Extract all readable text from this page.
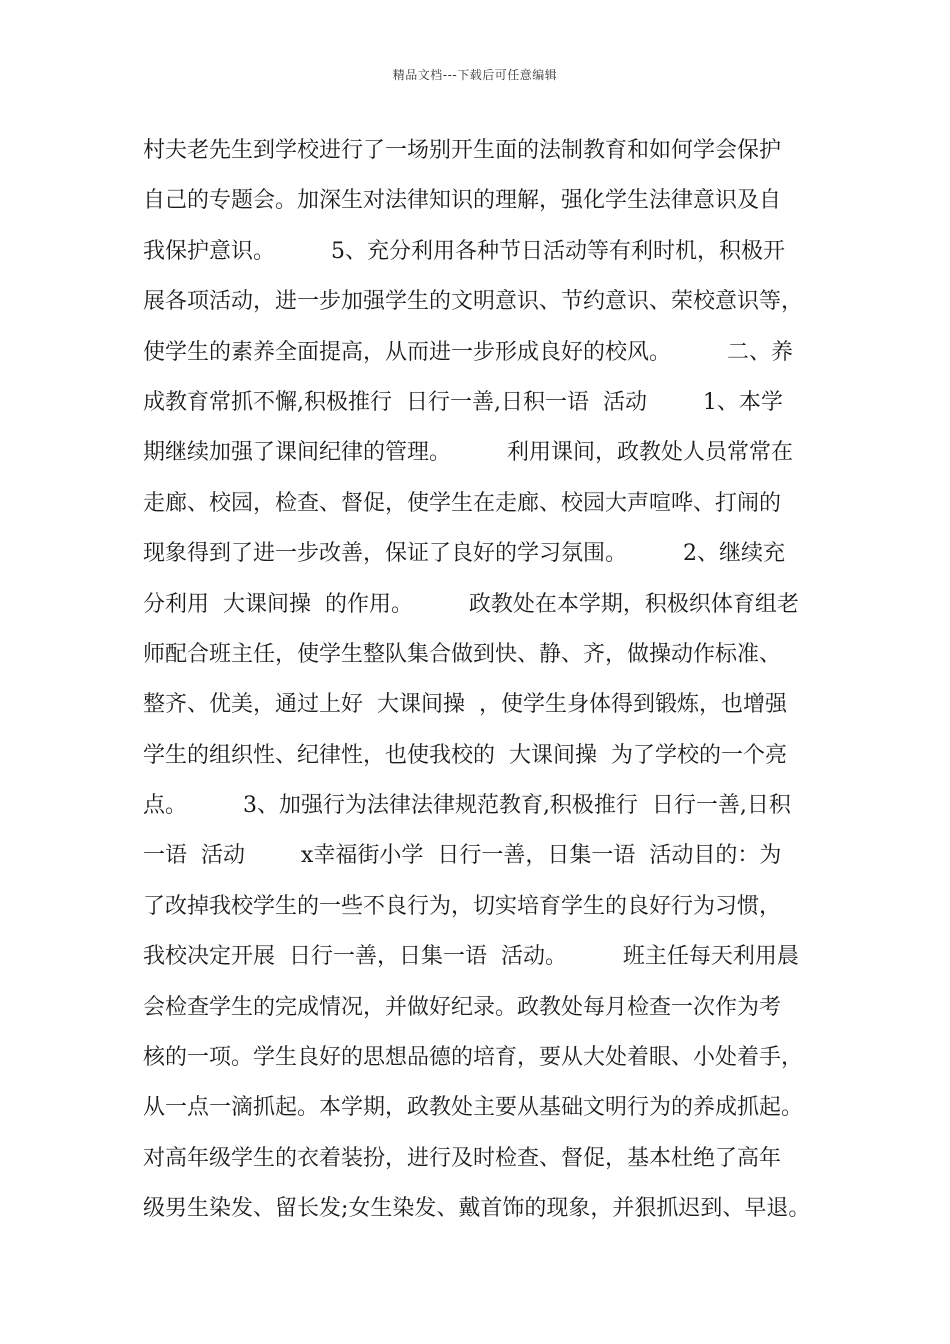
精品文档---下载后可任意编辑
村夫老先生到学校进行了一场别开生面的法制教育和如何学会保护
自己的专题会。加深生对法律知识的理解，强化学生法律意识及自
我保护意识。        5、充分利用各种节日活动等有利时机，积极开
展各项活动，进一步加强学生的文明意识、节约意识、荣校意识等，
使学生的素养全面提高，从而进一步形成良好的校风。        二、养
成教育常抓不懈,积极推行  日行一善,日积一语  活动        1、本学
期继续加强了课间纪律的管理。        利用课间，政教处人员常常在
走廊、校园，检查、督促，使学生在走廊、校园大声喧哗、打闹的
现象得到了进一步改善，保证了良好的学习氛围。        2、继续充
分利用  大课间操  的作用。        政教处在本学期，积极织体育组老
师配合班主任，使学生整队集合做到快、静、齐，做操动作标准、
整齐、优美，通过上好  大课间操  ，使学生身体得到锻炼，也增强
学生的组织性、纪律性，也使我校的  大课间操  为了学校的一个亮
点。        3、加强行为法律法律规范教育,积极推行  日行一善,日积
一语  活动        x幸福街小学  日行一善，日集一语  活动目的：为
了改掉我校学生的一些不良行为，切实培育学生的良好行为习惯，
我校决定开展  日行一善，日集一语  活动。        班主任每天利用晨
会检查学生的完成情况，并做好纪录。政教处每月检查一次作为考
核的一项。学生良好的思想品德的培育，要从大处着眼、小处着手，
从一点一滴抓起。本学期，政教处主要从基础文明行为的养成抓起。
对高年级学生的衣着装扮，进行及时检查、督促，基本杜绝了高年
级男生染发、留长发;女生染发、戴首饰的现象，并狠抓迟到、早退。
